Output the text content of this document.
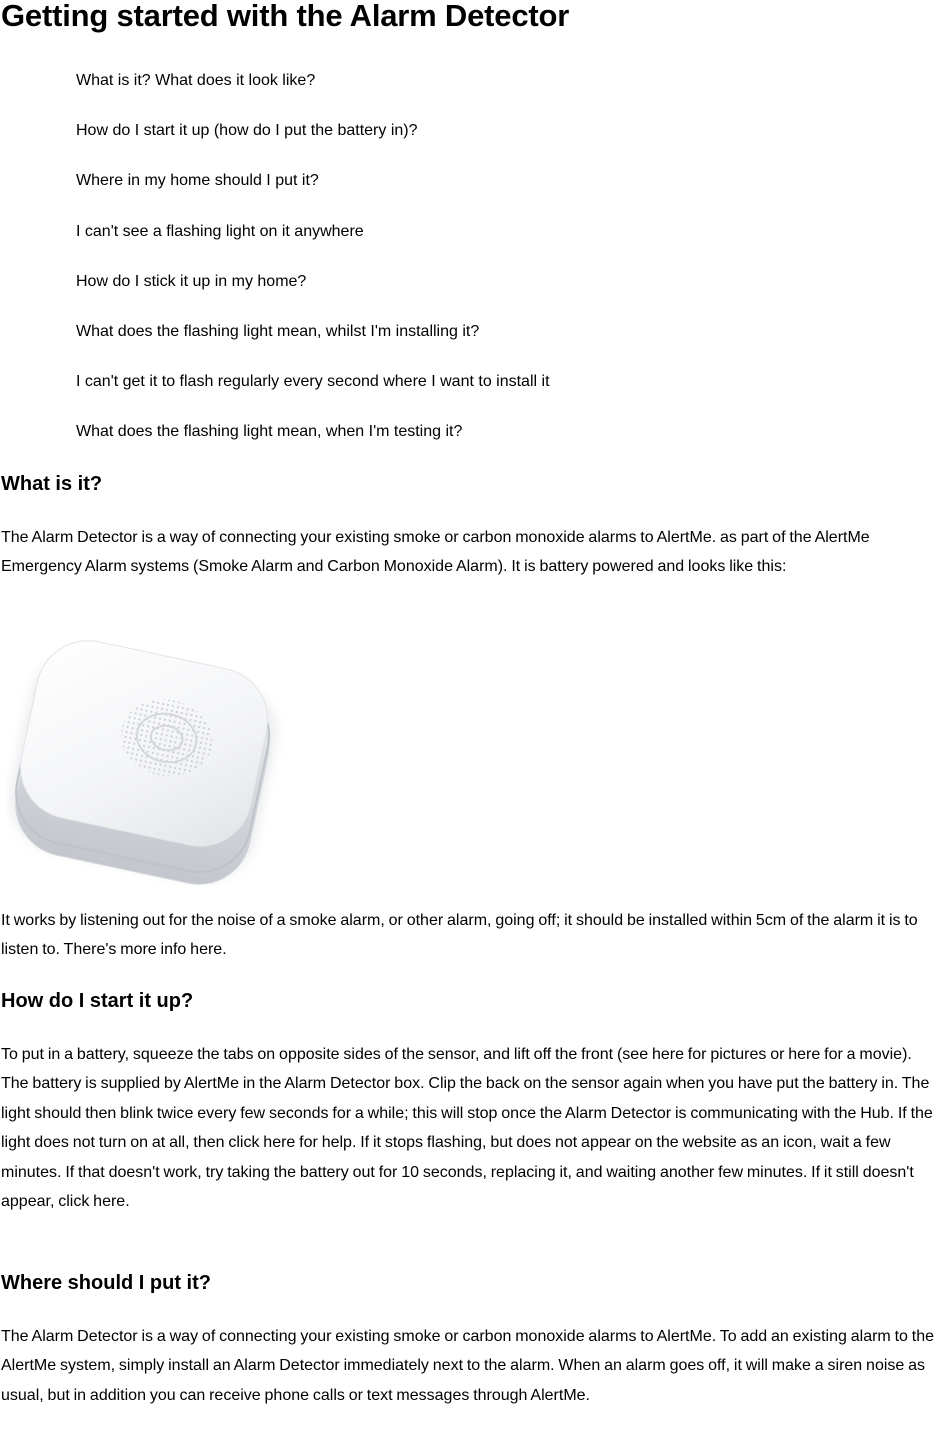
Getting started with the Alarm Detector
What is it? What does it look like?
How do I start it up (how do I put the battery in)?
Where in my home should I put it?
I can't see a flashing light on it anywhere
How do I stick it up in my home?
What does the flashing light mean, whilst I'm installing it?
I can't get it to flash regularly every second where I want to install it
What does the flashing light mean, when I'm testing it?
What is it?

The Alarm Detector is a way of connecting your existing smoke or carbon monoxide alarms to AlertMe. as part of the AlertMe Emergency Alarm systems (Smoke Alarm and Carbon Monoxide Alarm). It is battery powered and looks like this:

It works by listening out for the noise of a smoke alarm, or other alarm, going off; it should be installed within 5cm of the alarm it is to listen to. There's more info here.

How do I start it up?

To put in a battery, squeeze the tabs on opposite sides of the sensor, and lift off the front (see here for pictures or here for a movie). The battery is supplied by AlertMe in the Alarm Detector box. Clip the back on the sensor again when you have put the battery in. The light should then blink twice every few seconds for a while; this will stop once the Alarm Detector is communicating with the Hub. If the light does not turn on at all, then click here for help. If it stops flashing, but does not appear on the website as an icon, wait a few minutes. If that doesn't work, try taking the battery out for 10 seconds, replacing it, and waiting another few minutes. If it still doesn't appear, click here.

Where should I put it?

The Alarm Detector is a way of connecting your existing smoke or carbon monoxide alarms to AlertMe. To add an existing alarm to the AlertMe system, simply install an Alarm Detector immediately next to the alarm. When an alarm goes off, it will make a siren noise as usual, but in addition you can receive phone calls or text messages through AlertMe.
